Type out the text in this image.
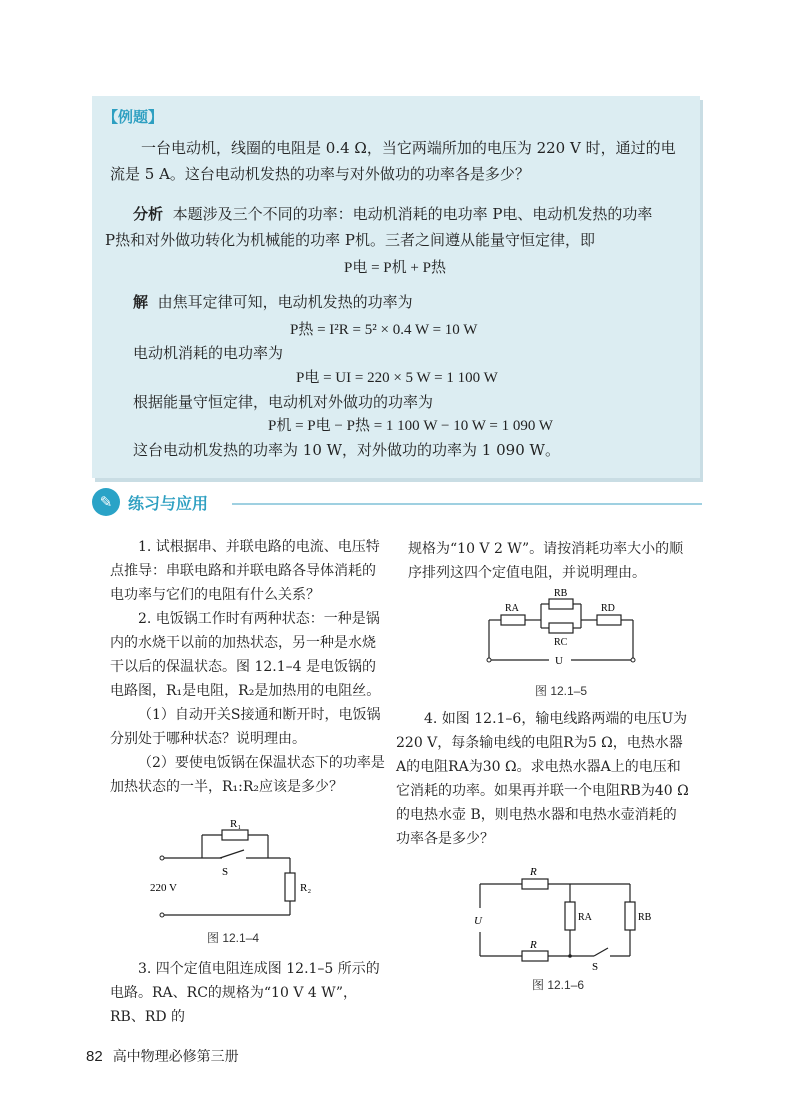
【例题】
一台电动机，线圈的电阻是 0.4 Ω，当它两端所加的电压为 220 V 时，通过的电
流是 5 A。这台电动机发热的功率与对外做功的功率各是多少？
分析 本题涉及三个不同的功率：电动机消耗的电功率 P电、电动机发热的功率
P热和对外做功转化为机械能的功率 P机。三者之间遵从能量守恒定律，即
P电 = P机 + P热
解 由焦耳定律可知，电动机发热的功率为
P热 = I²R = 5² × 0.4 W = 10 W
电动机消耗的电功率为
P电 = UI = 220 × 5 W = 1 100 W
根据能量守恒定律，电动机对外做功的功率为
P机 = P电 − P热 = 1 100 W − 10 W = 1 090 W
这台电动机发热的功率为 10 W，对外做功的功率为 1 090 W。
✎ 练习与应用

1. 试根据串、并联电路的电流、电压特点推导：串联电路和并联电路各导体消耗的电功率与它们的电阻有什么关系？

2. 电饭锅工作时有两种状态：一种是锅内的水烧干以前的加热状态，另一种是水烧干以后的保温状态。图 12.1–4 是电饭锅的电路图，R₁是电阻，R₂是加热用的电阻丝。

（1）自动开关S接通和断开时，电饭锅分别处于哪种状态？说明理由。

（2）要使电饭锅在保温状态下的功率是加热状态的一半，R₁:R₂应该是多少？

R₁
R₂
S
220 V
图 12.1–4

3. 四个定值电阻连成图 12.1–5 所示的电路。RA、RC的规格为“10 V 4 W”，RB、RD 的

规格为“10 V 2 W”。请按消耗功率大小的顺序排列这四个定值电阻，并说明理由。

RA
RB
RC
RD
U
图 12.1–5

4. 如图 12.1–6，输电线路两端的电压U为220 V，每条输电线的电阻R为5 Ω，电热水器A的电阻RA为30 Ω。求电热水器A上的电压和它消耗的功率。如果再并联一个电阻RB为40 Ω的电热水壶 B，则电热水器和电热水壶消耗的功率各是多少？

R
R
RA	RB
U
S
图 12.1–6
82 高中物理必修第三册
